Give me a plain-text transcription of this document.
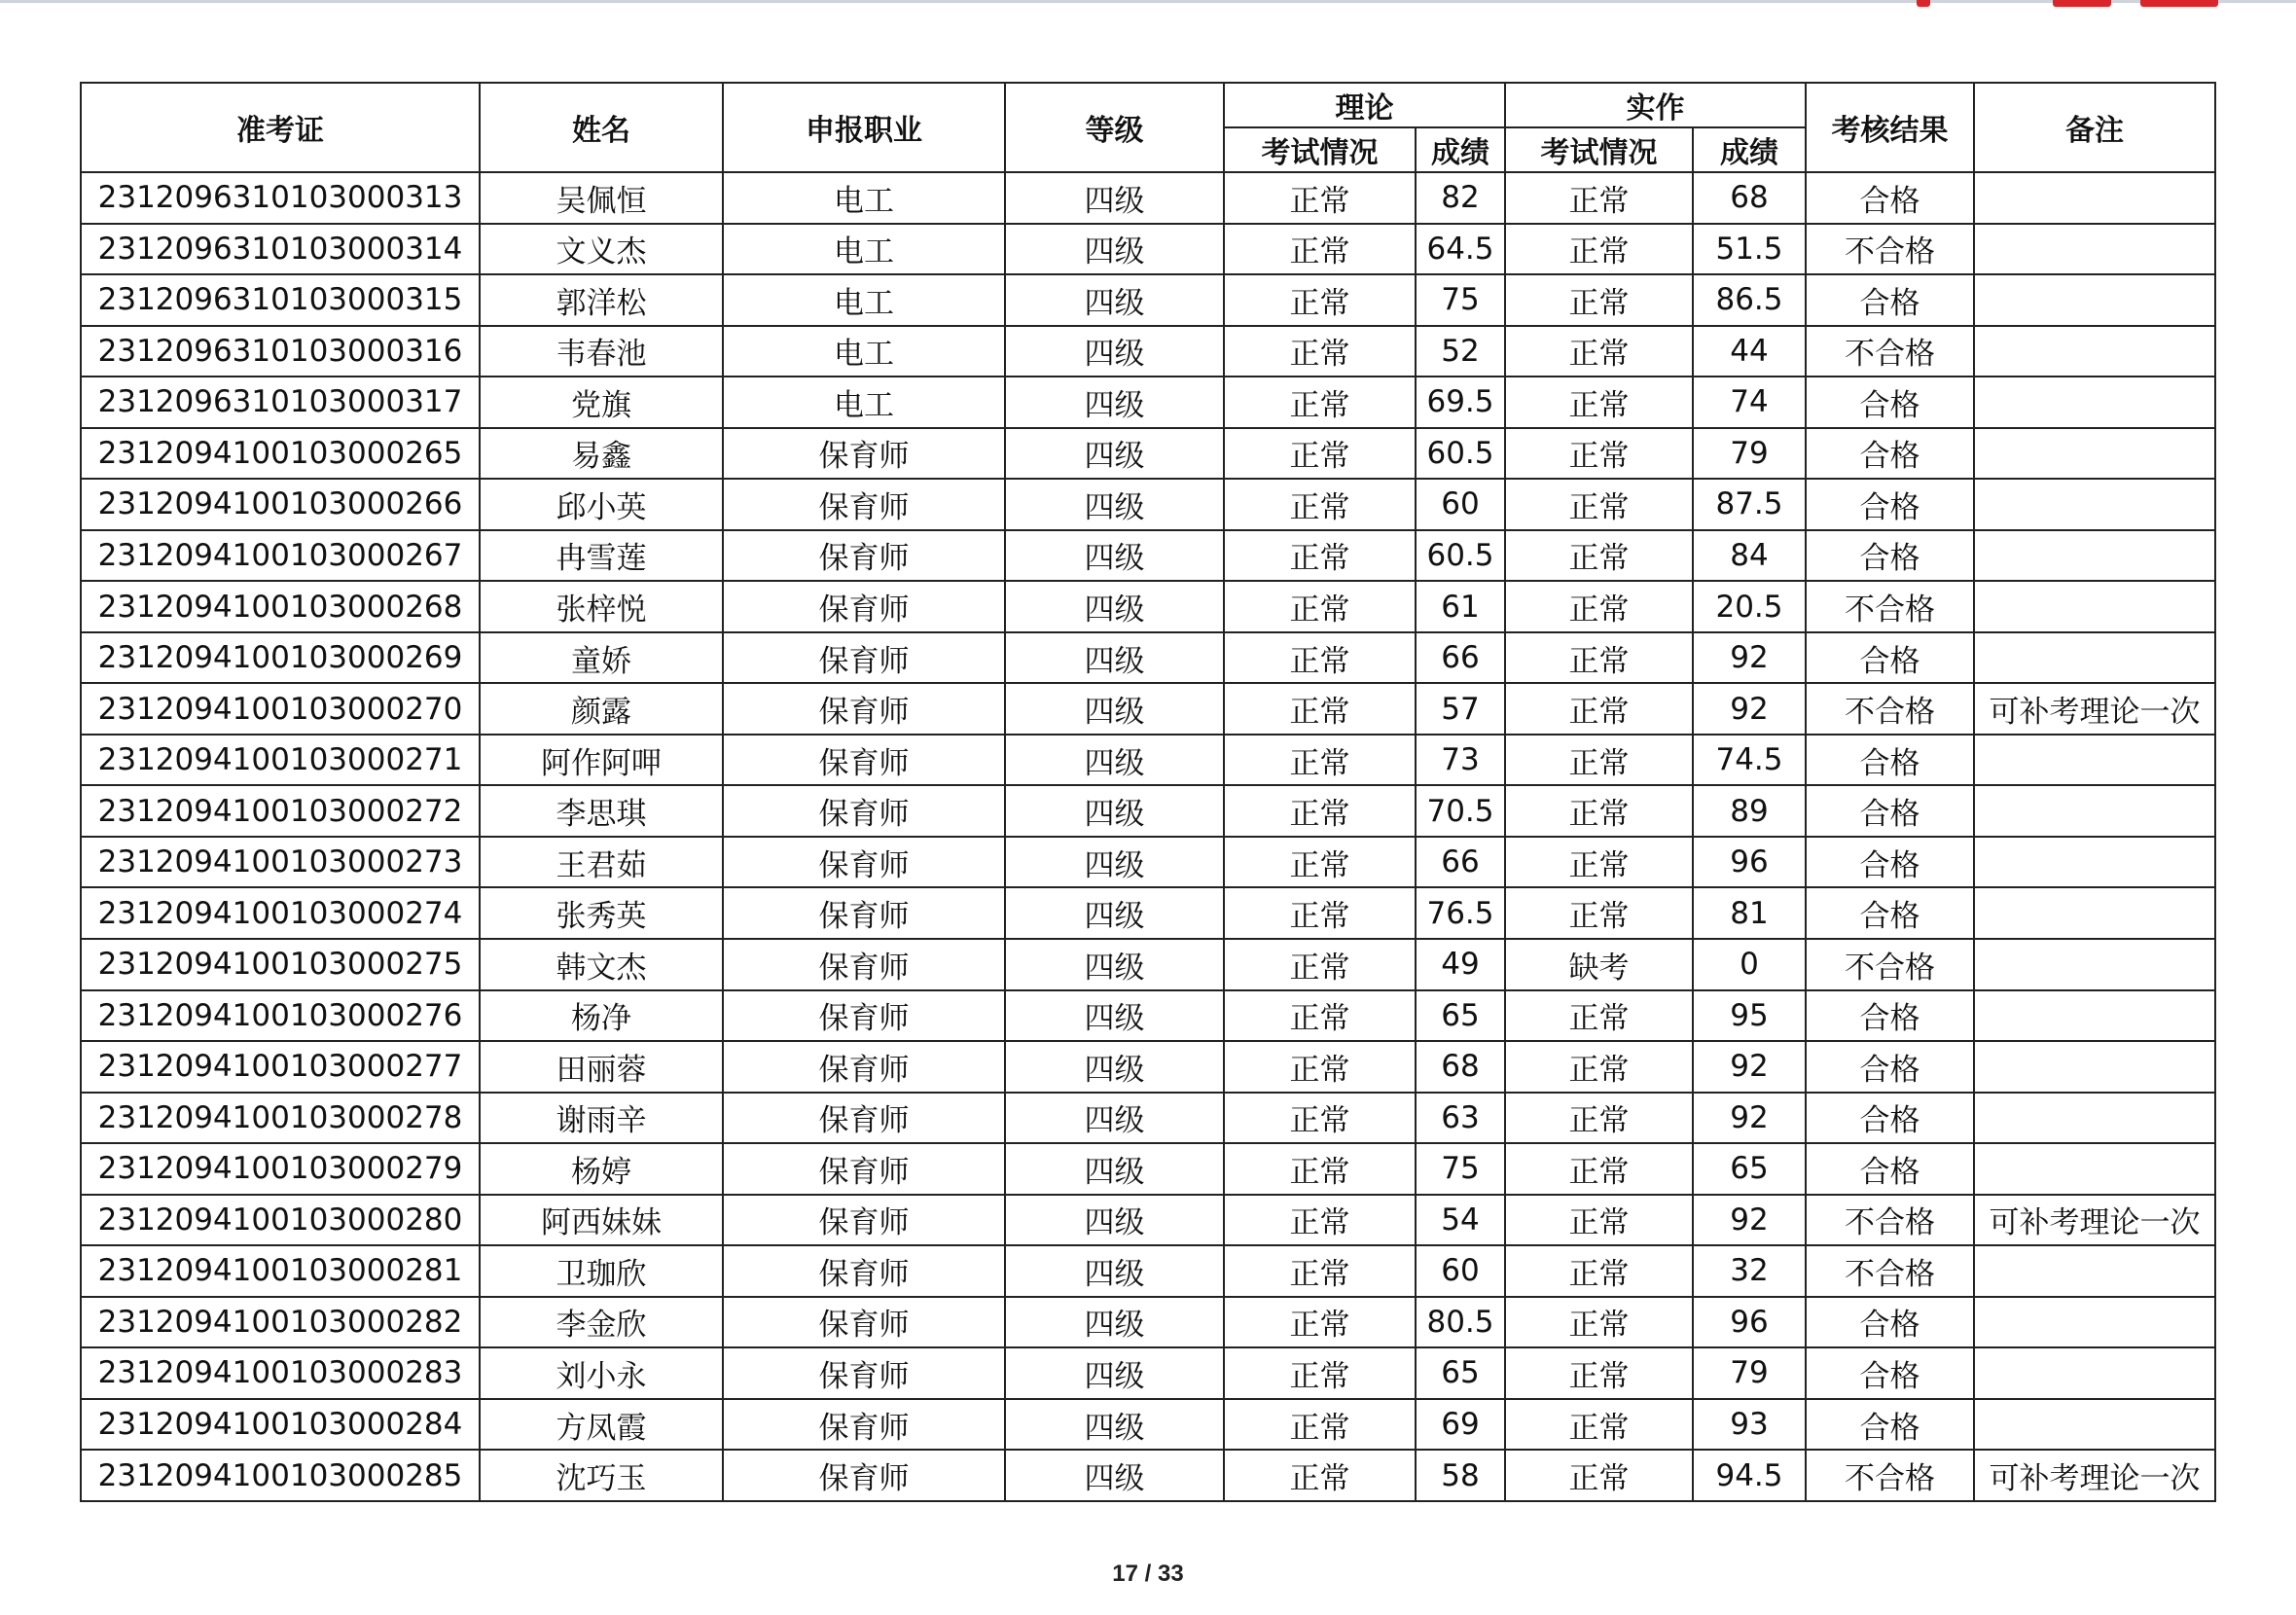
准考证	姓名	申报职业	等级	理论		实作		考核结果	备注
				考试情况	成绩	考试情况	成绩		
2312096310103000313	吴佩恒	电工	四级	正常	82	正常	68	合格	
2312096310103000314	文义杰	电工	四级	正常	64.5	正常	51.5	不合格	
2312096310103000315	郭洋松	电工	四级	正常	75	正常	86.5	合格	
2312096310103000316	韦春池	电工	四级	正常	52	正常	44	不合格	
2312096310103000317	党旗	电工	四级	正常	69.5	正常	74	合格	
2312094100103000265	易鑫	保育师	四级	正常	60.5	正常	79	合格	
2312094100103000266	邱小英	保育师	四级	正常	60	正常	87.5	合格	
2312094100103000267	冉雪莲	保育师	四级	正常	60.5	正常	84	合格	
2312094100103000268	张梓悦	保育师	四级	正常	61	正常	20.5	不合格	
2312094100103000269	童娇	保育师	四级	正常	66	正常	92	合格	
2312094100103000270	颜露	保育师	四级	正常	57	正常	92	不合格	可补考理论一次
2312094100103000271	阿作阿呷	保育师	四级	正常	73	正常	74.5	合格	
2312094100103000272	李思琪	保育师	四级	正常	70.5	正常	89	合格	
2312094100103000273	王君茹	保育师	四级	正常	66	正常	96	合格	
2312094100103000274	张秀英	保育师	四级	正常	76.5	正常	81	合格	
2312094100103000275	韩文杰	保育师	四级	正常	49	缺考	0	不合格	
2312094100103000276	杨净	保育师	四级	正常	65	正常	95	合格	
2312094100103000277	田丽蓉	保育师	四级	正常	68	正常	92	合格	
2312094100103000278	谢雨辛	保育师	四级	正常	63	正常	92	合格	
2312094100103000279	杨婷	保育师	四级	正常	75	正常	65	合格	
2312094100103000280	阿西妹妹	保育师	四级	正常	54	正常	92	不合格	可补考理论一次
2312094100103000281	卫珈欣	保育师	四级	正常	60	正常	32	不合格	
2312094100103000282	李金欣	保育师	四级	正常	80.5	正常	96	合格	
2312094100103000283	刘小永	保育师	四级	正常	65	正常	79	合格	
2312094100103000284	方凤霞	保育师	四级	正常	69	正常	93	合格	
2312094100103000285	沈巧玉	保育师	四级	正常	58	正常	94.5	不合格	可补考理论一次
17 / 33
